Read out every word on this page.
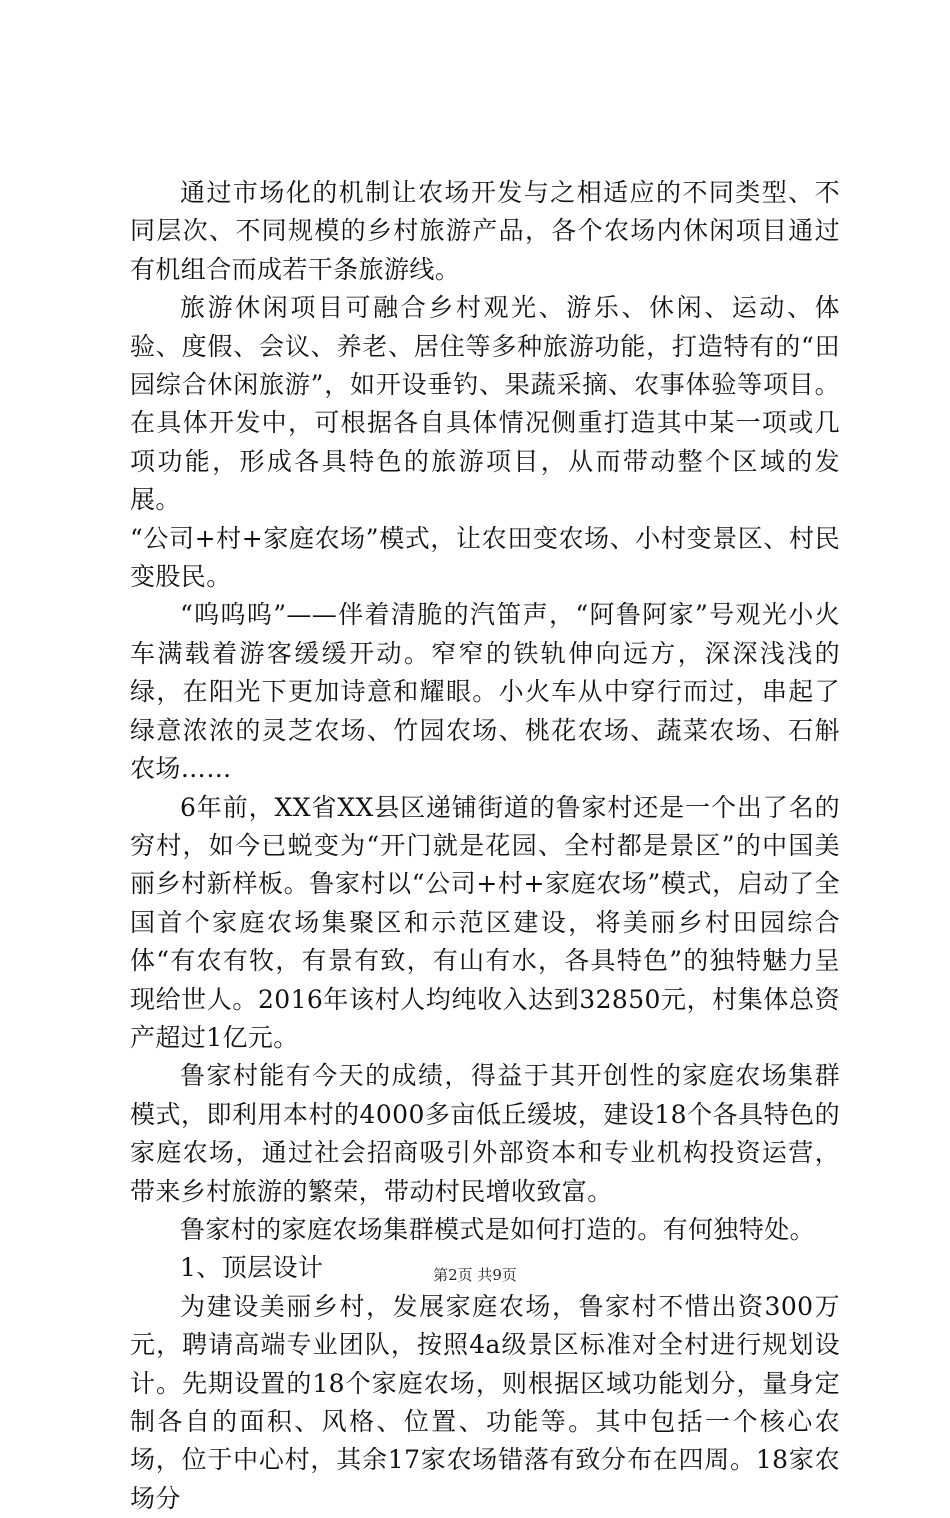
通过市场化的机制让农场开发与之相适应的不同类型、不同层次、不同规模的乡村旅游产品，各个农场内休闲项目通过有机组合而成若干条旅游线。

旅游休闲项目可融合乡村观光、游乐、休闲、运动、体验、度假、会议、养老、居住等多种旅游功能，打造特有的“田园综合休闲旅游”，如开设垂钓、果蔬采摘、农事体验等项目。在具体开发中，可根据各自具体情况侧重打造其中某一项或几项功能，形成各具特色的旅游项目，从而带动整个区域的发展。

“公司+村+家庭农场”模式，让农田变农场、小村变景区、村民变股民。

“呜呜呜”——伴着清脆的汽笛声，“阿鲁阿家”号观光小火车满载着游客缓缓开动。窄窄的铁轨伸向远方，深深浅浅的绿，在阳光下更加诗意和耀眼。小火车从中穿行而过，串起了绿意浓浓的灵芝农场、竹园农场、桃花农场、蔬菜农场、石斛农场……

6年前，XX省XX县区递铺街道的鲁家村还是一个出了名的穷村，如今已蜕变为“开门就是花园、全村都是景区”的中国美丽乡村新样板。鲁家村以“公司+村+家庭农场”模式，启动了全国首个家庭农场集聚区和示范区建设，将美丽乡村田园综合体“有农有牧，有景有致，有山有水，各具特色”的独特魅力呈现给世人。2016年该村人均纯收入达到32850元，村集体总资产超过1亿元。

鲁家村能有今天的成绩，得益于其开创性的家庭农场集群模式，即利用本村的4000多亩低丘缓坡，建设18个各具特色的家庭农场，通过社会招商吸引外部资本和专业机构投资运营，带来乡村旅游的繁荣，带动村民增收致富。

鲁家村的家庭农场集群模式是如何打造的。有何独特处。

1、顶层设计

为建设美丽乡村，发展家庭农场，鲁家村不惜出资300万元，聘请高端专业团队，按照4a级景区标准对全村进行规划设计。先期设置的18个家庭农场，则根据区域功能划分，量身定制各自的面积、风格、位置、功能等。其中包括一个核心农场，位于中心村，其余17家农场错落有致分布在四周。18家农场分

第2页 共9页
